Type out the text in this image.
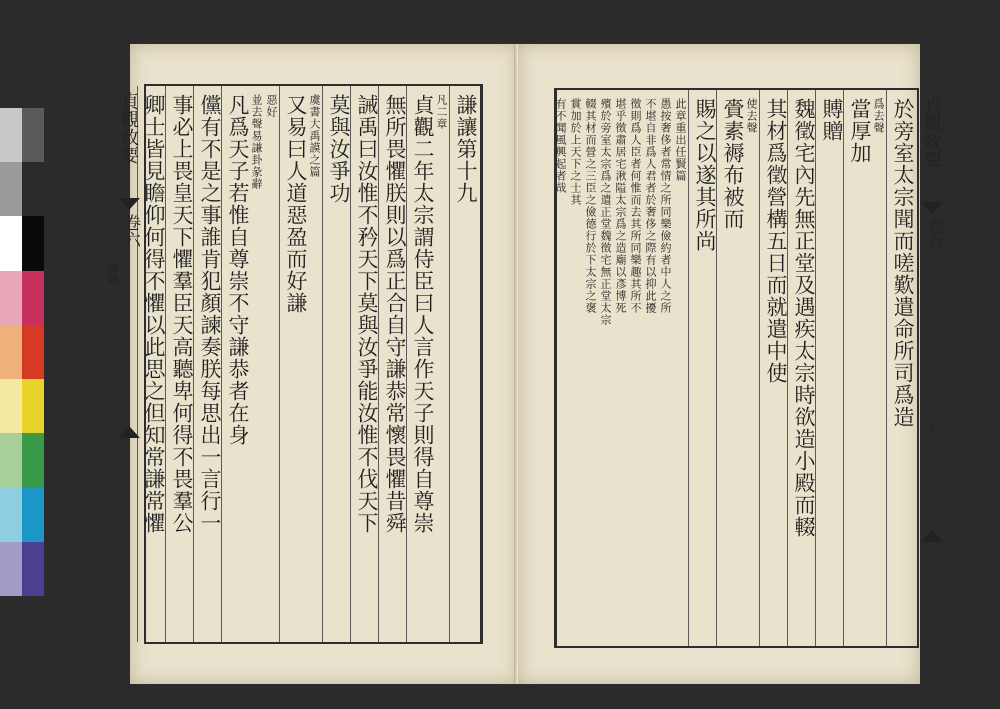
謙讓第十九
凡二章
貞觀二年太宗謂侍臣曰人言作天子則得自尊崇
無所畏懼朕則以爲正合自守謙恭常懷畏懼昔舜
誡禹曰汝惟不矜天下莫與汝爭能汝惟不伐天下
莫與汝爭功
虞書大禹謨之篇
又易曰人道惡盈而好謙
惡好
並去聲易謙卦彖辭
凡爲天子若惟自尊崇不守謙恭者在身
儻有不是之事誰肯犯顏諫奏朕每思出一言行一
事必上畏皇天下懼羣臣天高聽卑何得不畏羣公
卿士皆見瞻仰何得不懼以此思之但知常謙常懼
貞觀政要
卷六
謙讓	於旁室太宗聞而嗟歎遣命所司爲造
爲去聲
當厚加
賻贈
魏徵宅內先無正堂及遇疾太宗時欲造小殿而輟
其材爲徵營構五日而就遣中使
使去聲
賫素褥布被而
賜之以遂其所尚
此章重出任賢篇
愚按奢侈者常情之所同樂儉約者中人之所
不堪自非爲人君者於奢侈之際有以抑此擾
徵則爲人臣者何惟而去其所同樂趣其所不
堪乎徵肅居宅湫隘太宗爲之造廟以彥博死
殯於旁室太宗爲之遣正堂魏徵宅無正堂太宗
輟其材而營之三臣之儉德行於下太宗之褒
賞加於上天下之士其
有不聞風興起者哉	貞觀政要
卷六
七
